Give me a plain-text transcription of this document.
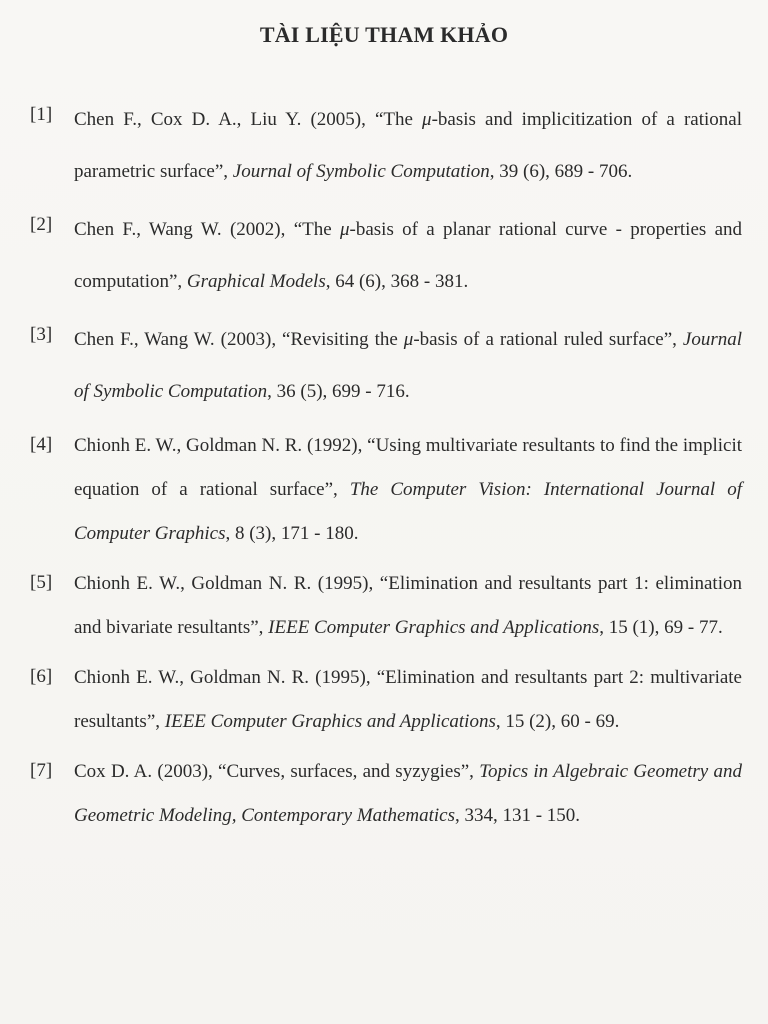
TÀI LIỆU THAM KHẢO
[1]	Chen F., Cox D. A., Liu Y. (2005), “The μ-basis and implicitization of a rational parametric surface”, Journal of Symbolic Computation, 39 (6), 689 - 706.
[2]	Chen F., Wang W. (2002), “The μ-basis of a planar rational curve - properties and computation”, Graphical Models, 64 (6), 368 - 381.
[3]	Chen F., Wang W. (2003), “Revisiting the μ-basis of a rational ruled surface”, Journal of Symbolic Computation, 36 (5), 699 - 716.
[4]	Chionh E. W., Goldman N. R. (1992), “Using multivariate resultants to find the implicit equation of a rational surface”, The Computer Vision: International Journal of Computer Graphics, 8 (3), 171 - 180.
[5]	Chionh E. W., Goldman N. R. (1995), “Elimination and resultants part 1: elimination and bivariate resultants”, IEEE Computer Graphics and Applications, 15 (1), 69 - 77.
[6]	Chionh E. W., Goldman N. R. (1995), “Elimination and resultants part 2: multivariate resultants”, IEEE Computer Graphics and Applications, 15 (2), 60 - 69.
[7]	Cox D. A. (2003), “Curves, surfaces, and syzygies”, Topics in Algebraic Geometry and Geometric Modeling, Contemporary Mathematics, 334, 131 - 150.
